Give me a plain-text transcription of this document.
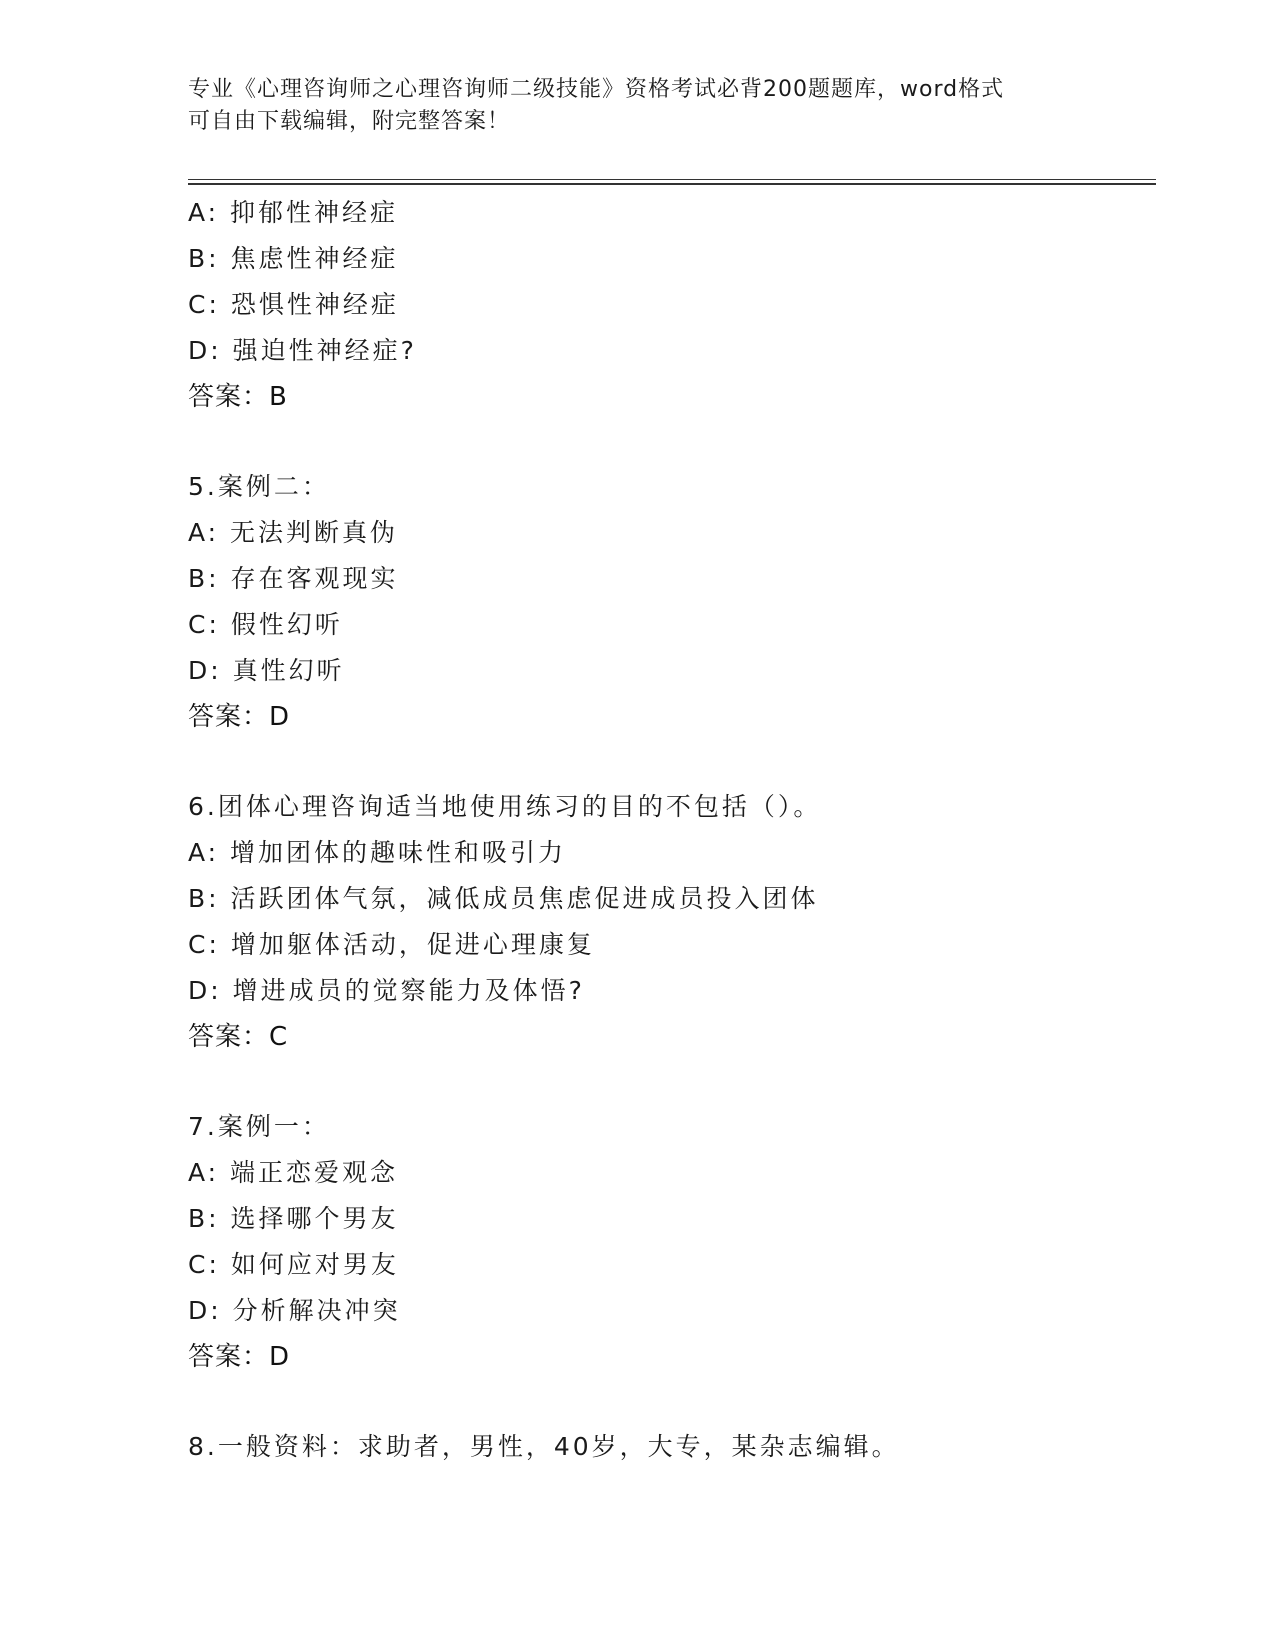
专业《心理咨询师之心理咨询师二级技能》资格考试必背200题题库，word格式
可自由下载编辑，附完整答案！
A: 抑郁性神经症
B: 焦虑性神经症
C: 恐惧性神经症
D: 强迫性神经症?
答案：B
5.案例二：
A: 无法判断真伪
B: 存在客观现实
C: 假性幻听
D: 真性幻听
答案：D
6.团体心理咨询适当地使用练习的目的不包括（）。
A: 增加团体的趣味性和吸引力
B: 活跃团体气氛，减低成员焦虑促进成员投入团体
C: 增加躯体活动，促进心理康复
D: 增进成员的觉察能力及体悟?
答案：C
7.案例一：
A: 端正恋爱观念
B: 选择哪个男友
C: 如何应对男友
D: 分析解决冲突
答案：D
8.一般资料：求助者，男性，40岁，大专，某杂志编辑。
